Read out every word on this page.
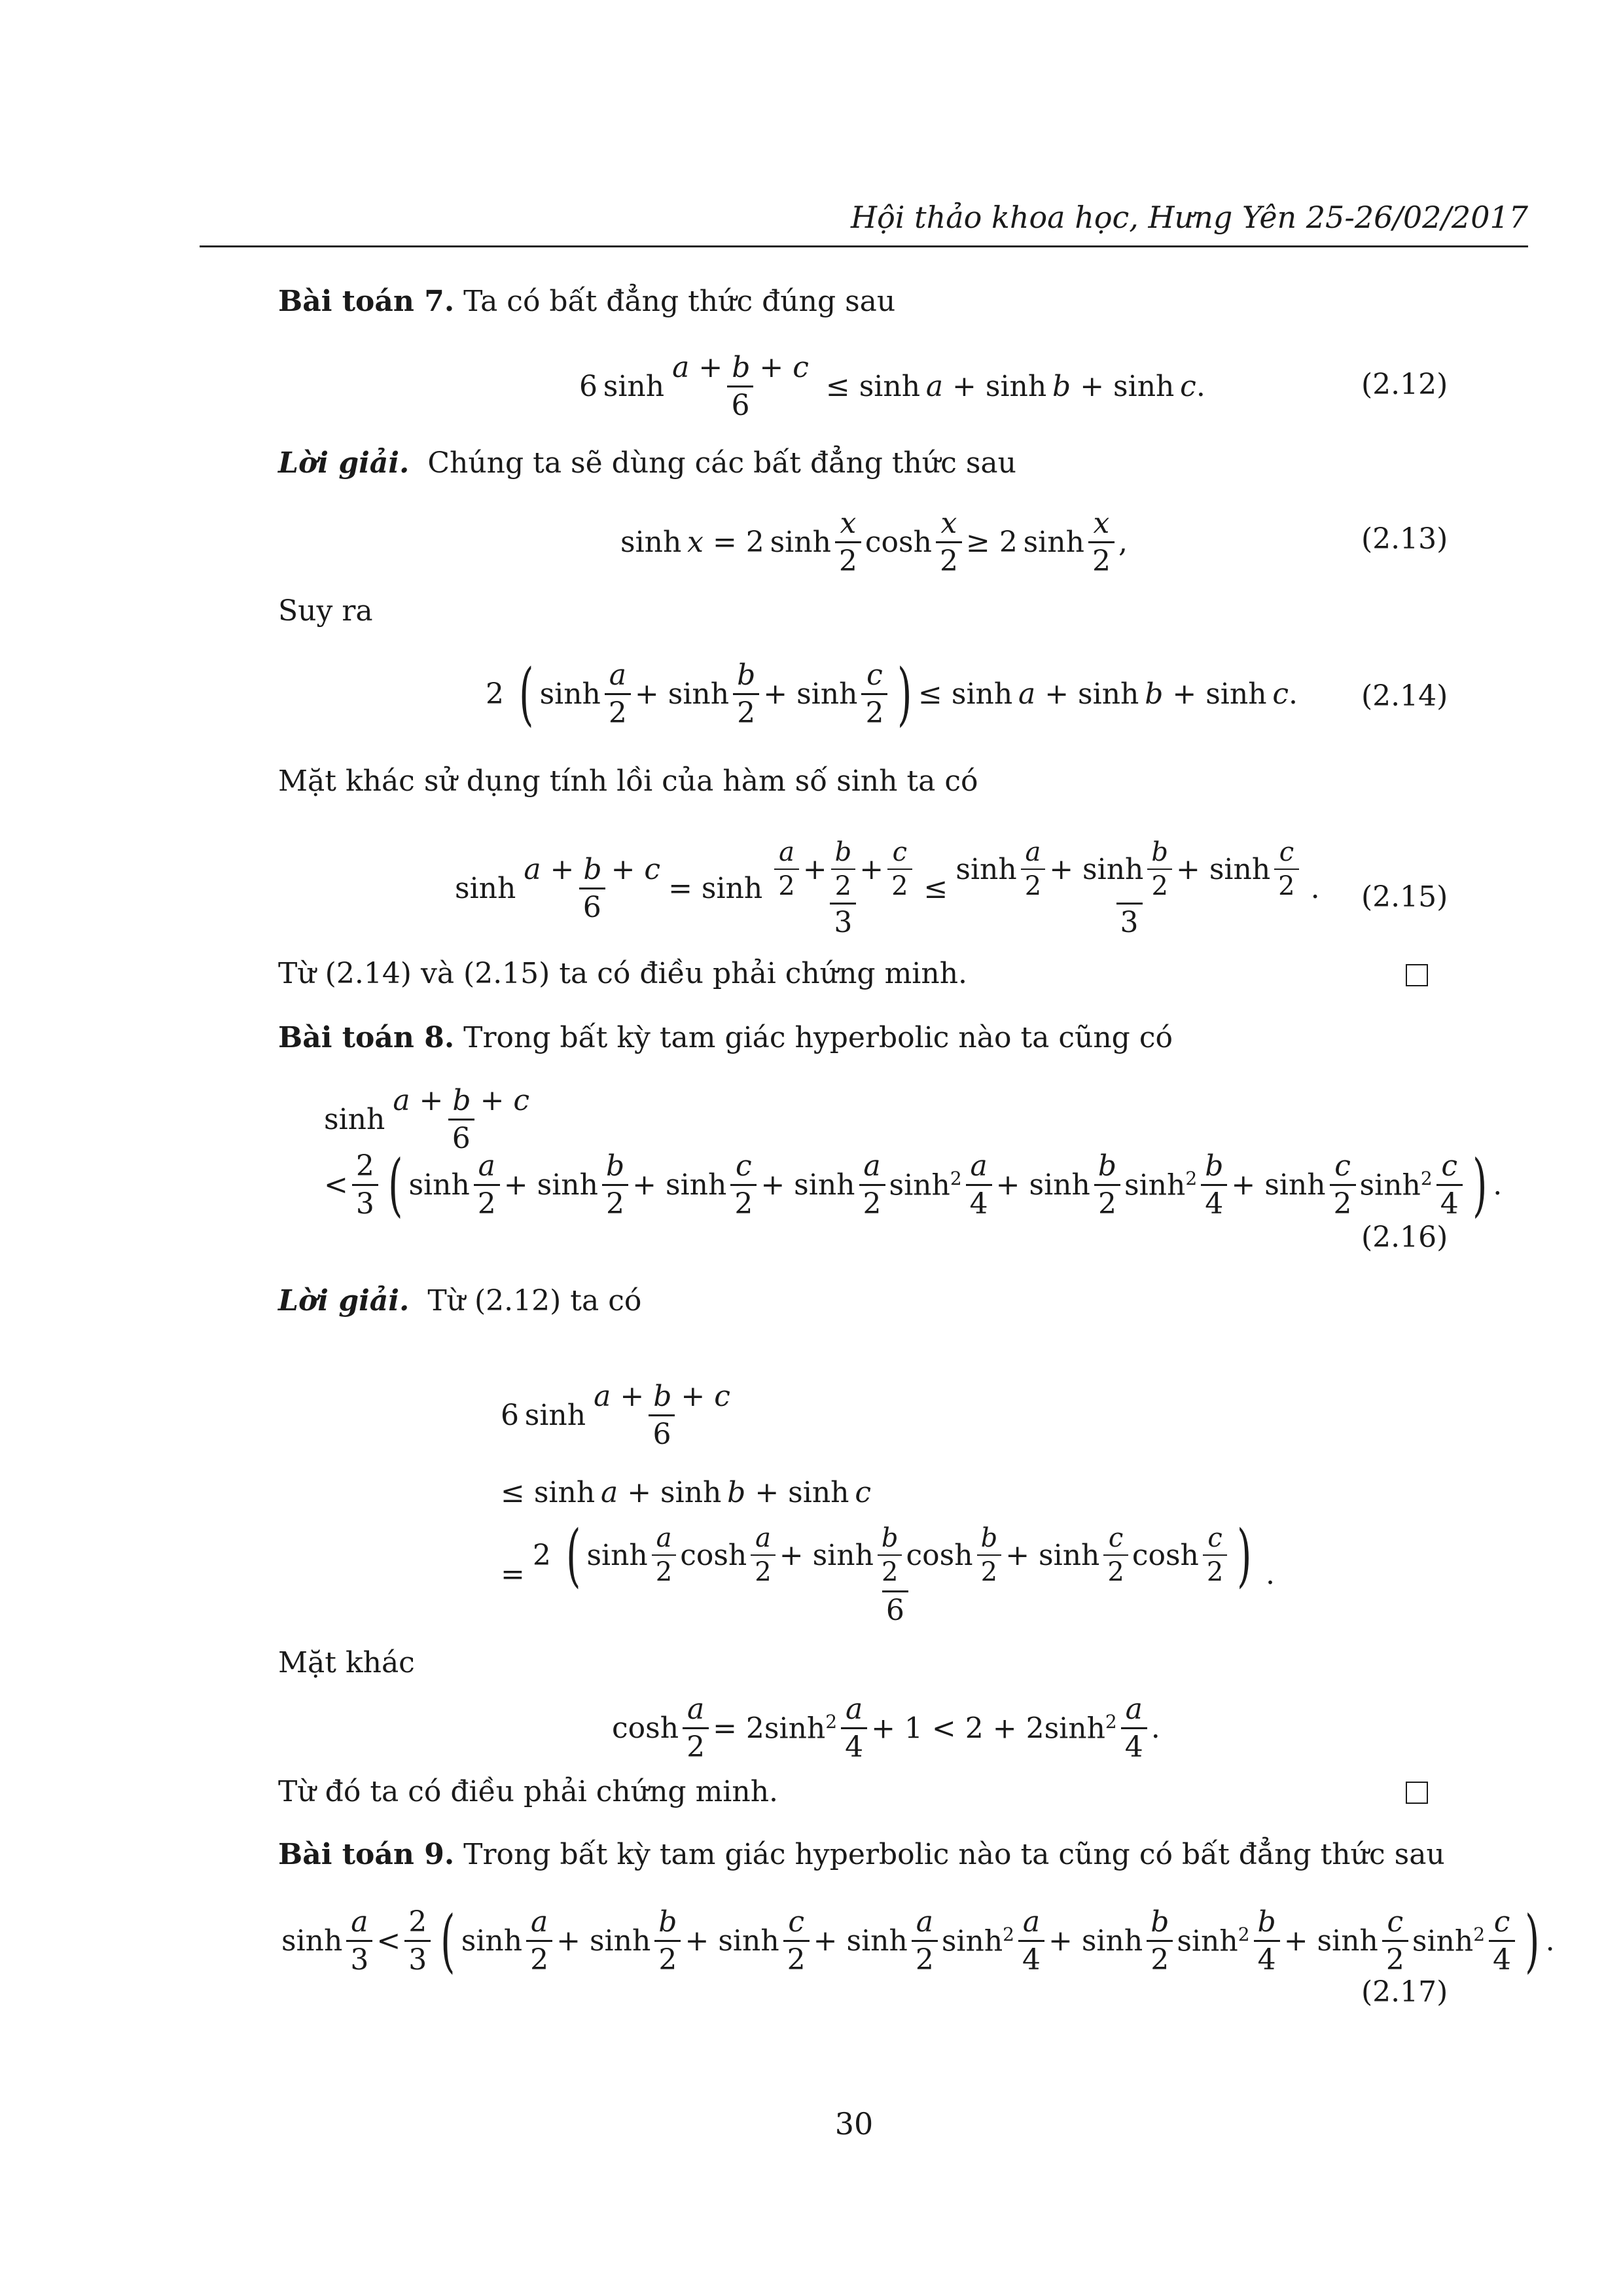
Hội thảo khoa học, Hưng Yên 25-26/02/2017
Bài toán 7. Ta có bất đẳng thức đúng sau
6 $\sinh \frac{a + b + c}{6} \le \sinh a + \sinh b + \sinh c$.	(2.12)
Lời giải. Chúng ta sẽ dùng các bất đẳng thức sau
sinh x = 2 $\sinh \frac{x}{2}$ $\cosh \frac{x}{2} \ge 2$ $\sinh \frac{x}{2}$ ,	(2.13)
Suy ra
2 ( $\sinh \frac{a}{2} + \sinh \frac{b}{2} + \sinh \frac{c}{2}$ ) ≤ sinh a + sinh b + sinh c. (2.14)
Mặt khác sử dụng tính lồi của hàm số sinh ta có
$\sinh \frac{a + b + c}{6} = \sinh \frac{\frac{a}{2} + \frac{b}{2} + \frac{c}{2}}{3} \le \frac{\sinh \frac{a}{2} + \sinh \frac{b}{2} + \sinh \frac{c}{2}}{3}$ . (2.15)
Từ (2.14) và (2.15) ta có điều phải chứng minh.
Bài toán 8. Trong bất kỳ tam giác hyperbolic nào ta cũng có
$\sinh \frac{a + b + c}{6}$
< $\frac{2}{3}$ ( $\sinh \frac{a}{2} + \sinh \frac{b}{2} + \sinh \frac{c}{2} + \sinh \frac{a}{2} \sinh^2 \frac{a}{4} + \sinh \frac{b}{2} \sinh^2 \frac{b}{4} + \sinh \frac{c}{2} \sinh^2 \frac{c}{4}$ ) .
(2.16)
Lời giải. Từ (2.12) ta có
6 $\sinh \frac{a + b + c}{6}$
≤ sinh a + sinh b + sinh c
=
2 ( $\sinh \frac{a}{2}$ $\cosh \frac{a}{2} + \sinh \frac{b}{2}$ $\cosh \frac{b}{2} + \sinh \frac{c}{2}$ $\cosh \frac{c}{2}$ )
6
.
Mặt khác
$\cosh \frac{a}{2} = 2\sinh^2 \frac{a}{4} + 1 < 2 + 2\sinh^2 \frac{a}{4}$ .
Từ đó ta có điều phải chứng minh.
Bài toán 9. Trong bất kỳ tam giác hyperbolic nào ta cũng có bất đẳng thức sau
$\sinh \frac{a}{3} < \frac{2}{3}$ ( $\sinh \frac{a}{2} + \sinh \frac{b}{2} + \sinh \frac{c}{2} + \sinh \frac{a}{2} \sinh^2 \frac{a}{4} + \sinh \frac{b}{2} \sinh^2 \frac{b}{4} + \sinh \frac{c}{2} \sinh^2 \frac{c}{4}$ ) .
(2.17)
30
